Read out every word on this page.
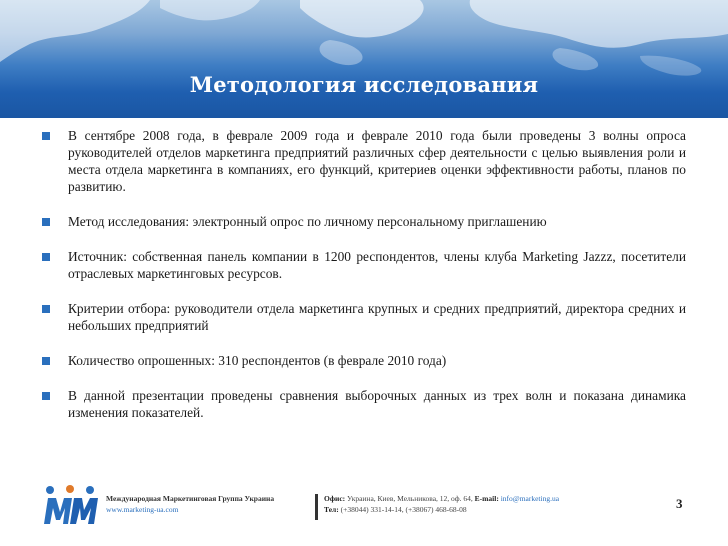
Методология исследования
В сентябре 2008 года, в феврале 2009 года и феврале 2010 года были проведены 3 волны опроса руководителей отделов маркетинга предприятий различных сфер деятельности с целью выявления роли и места отдела маркетинга в компаниях, его функций, критериев оценки эффективности работы, планов по развитию.
Метод исследования: электронный опрос по личному персональному приглашению
Источник: собственная панель компании в 1200 респондентов, члены клуба Marketing Jazzz, посетители отраслевых маркетинговых ресурсов.
Критерии отбора: руководители отдела маркетинга крупных и средних предприятий, директора средних и небольших предприятий
Количество опрошенных: 310 респондентов (в феврале 2010 года)
В данной презентации проведены сравнения выборочных данных из трех волн и показана динамика изменения показателей.
Международная Маркетинговая Группа Украина
www.marketing-ua.com
Офис: Украина, Киев, Мельникова, 12, оф. 64, E-mail: info@marketing.ua
Тел: (+38044) 331-14-14, (+38067) 468-68-08	3
